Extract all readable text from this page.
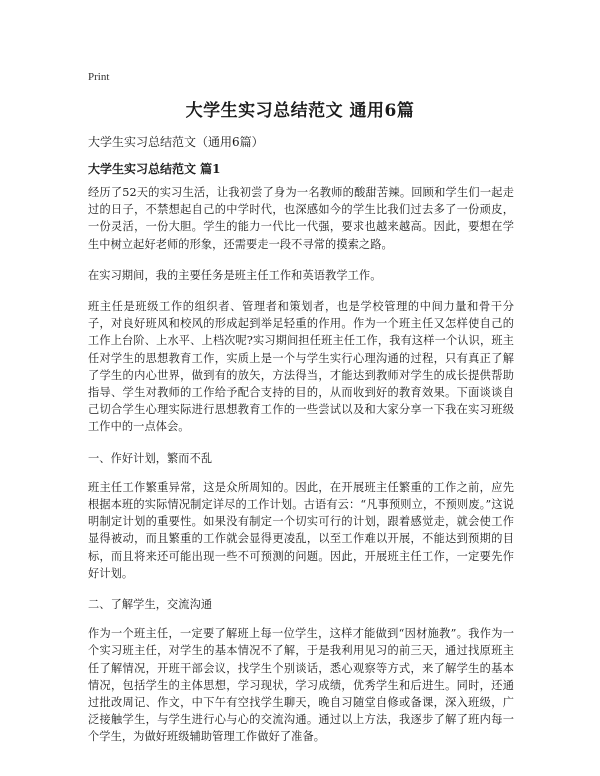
Print
大学生实习总结范文 通用6篇
大学生实习总结范文（通用6篇）
大学生实习总结范文 篇1

经历了52天的实习生活，让我初尝了身为一名教师的酸甜苦辣。回顾和学生们一起走过的日子，不禁想起自己的中学时代，也深感如今的学生比我们过去多了一份顽皮，一份灵活，一份大胆。学生的能力一代比一代强，要求也越来越高。因此，要想在学生中树立起好老师的形象，还需要走一段不寻常的摸索之路。

在实习期间，我的主要任务是班主任工作和英语教学工作。

班主任是班级工作的组织者、管理者和策划者，也是学校管理的中间力量和骨干分子，对良好班风和校风的形成起到举足轻重的作用。作为一个班主任又怎样使自己的工作上台阶、上水平、上档次呢?实习期间担任班主任工作，我有这样一个认识，班主任对学生的思想教育工作，实质上是一个与学生实行心理沟通的过程，只有真正了解了学生的内心世界，做到有的放矢，方法得当，才能达到教师对学生的成长提供帮助指导、学生对教师的工作给予配合支持的目的，从而收到好的教育效果。下面谈谈自己切合学生心理实际进行思想教育工作的一些尝试以及和大家分享一下我在实习班级工作中的一点体会。

一、作好计划，繁而不乱

班主任工作繁重异常，这是众所周知的。因此，在开展班主任繁重的工作之前，应先根据本班的实际情况制定详尽的工作计划。古语有云：“凡事预则立，不预则废。”这说明制定计划的重要性。如果没有制定一个切实可行的计划，跟着感觉走，就会使工作显得被动，而且繁重的工作就会显得更凌乱，以至工作难以开展，不能达到预期的目标，而且将来还可能出现一些不可预测的问题。因此，开展班主任工作，一定要先作好计划。

二、了解学生，交流沟通

作为一个班主任，一定要了解班上每一位学生，这样才能做到“因材施教”。我作为一个实习班主任，对学生的基本情况不了解，于是我利用见习的前三天，通过找原班主任了解情况，开班干部会议，找学生个别谈话，悉心观察等方式，来了解学生的基本情况，包括学生的主体思想，学习现状，学习成绩，优秀学生和后进生。同时，还通过批改周记、作文，中下午有空找学生聊天，晚自习随堂自修或备课，深入班级，广泛接触学生，与学生进行心与心的交流沟通。通过以上方法，我逐步了解了班内每一个学生，为做好班级辅助管理工作做好了准备。
